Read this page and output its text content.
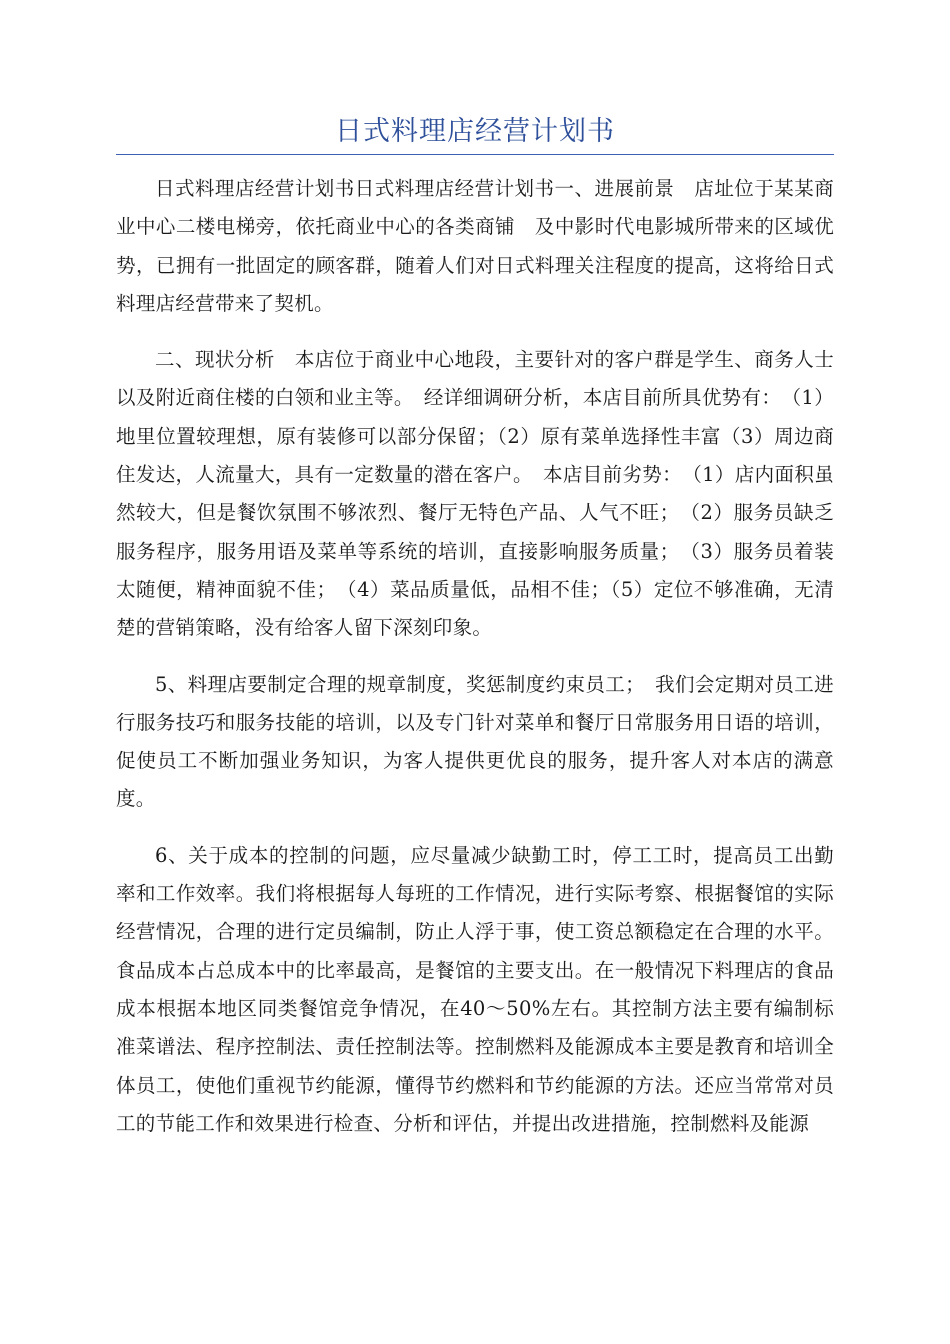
日式料理店经营计划书

日式料理店经营计划书日式料理店经营计划书一、进展前景　店址位于某某商业中心二楼电梯旁，依托商业中心的各类商铺　及中影时代电影城所带来的区域优势，已拥有一批固定的顾客群，随着人们对日式料理关注程度的提高，这将给日式料理店经营带来了契机。

二、现状分析　本店位于商业中心地段，主要针对的客户群是学生、商务人士以及附近商住楼的白领和业主等。　经详细调研分析，本店目前所具优势有：　（1）地里位置较理想，原有装修可以部分保留；（2）原有菜单选择性丰富（3）周边商住发达，人流量大，具有一定数量的潜在客户。　本店目前劣势：　（1）店内面积虽然较大，但是餐饮氛围不够浓烈、餐厅无特色产品、人气不旺；　（2）服务员缺乏服务程序，服务用语及菜单等系统的培训，直接影响服务质量；　（3）服务员着装太随便，精神面貌不佳；　（4）菜品质量低，品相不佳；（5）定位不够准确，无清楚的营销策略，没有给客人留下深刻印象。

5、料理店要制定合理的规章制度，奖惩制度约束员工；　我们会定期对员工进行服务技巧和服务技能的培训，以及专门针对菜单和餐厅日常服务用日语的培训，促使员工不断加强业务知识，为客人提供更优良的服务，提升客人对本店的满意度。

6、关于成本的控制的问题，应尽量减少缺勤工时，停工工时，提高员工出勤率和工作效率。我们将根据每人每班的工作情况，进行实际考察、根据餐馆的实际经营情况，合理的进行定员编制，防止人浮于事，使工资总额稳定在合理的水平。食品成本占总成本中的比率最高，是餐馆的主要支出。在一般情况下料理店的食品成本根据本地区同类餐馆竞争情况，在40～50%左右。其控制方法主要有编制标准菜谱法、程序控制法、责任控制法等。控制燃料及能源成本主要是教育和培训全体员工，使他们重视节约能源，懂得节约燃料和节约能源的方法。还应当常常对员工的节能工作和效果进行检查、分析和评估，并提出改进措施，控制燃料及能源
